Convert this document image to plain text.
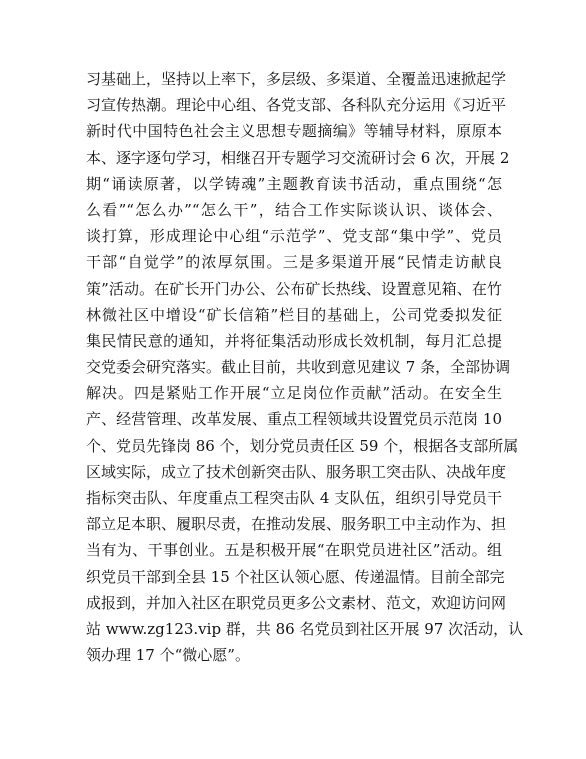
习基础上，坚持以上率下，多层级、多渠道、全覆盖迅速掀起学
习宣传热潮。理论中心组、各党支部、各科队充分运用《习近平
新时代中国特色社会主义思想专题摘编》等辅导材料，原原本
本、逐字逐句学习，相继召开专题学习交流研讨会 6 次，开展 2
期“诵读原著，以学铸魂”主题教育读书活动，重点围绕“怎
么看”“怎么办”“怎么干”，结合工作实际谈认识、谈体会、
谈打算，形成理论中心组“示范学”、党支部“集中学”、党员
干部“自觉学”的浓厚氛围。三是多渠道开展“民情走访献良
策”活动。在矿长开门办公、公布矿长热线、设置意见箱、在竹
林微社区中增设“矿长信箱”栏目的基础上，公司党委拟发征
集民情民意的通知，并将征集活动形成长效机制，每月汇总提
交党委会研究落实。截止目前，共收到意见建议 7 条，全部协调
解决。四是紧贴工作开展“立足岗位作贡献”活动。在安全生
产、经营管理、改革发展、重点工程领域共设置党员示范岗 10
个、党员先锋岗 86 个，划分党员责任区 59 个，根据各支部所属
区域实际，成立了技术创新突击队、服务职工突击队、决战年度
指标突击队、年度重点工程突击队 4 支队伍，组织引导党员干
部立足本职、履职尽责，在推动发展、服务职工中主动作为、担
当有为、干事创业。五是积极开展“在职党员进社区”活动。组
织党员干部到全县 15 个社区认领心愿、传递温情。目前全部完
成报到，并加入社区在职党员更多公文素材、范文，欢迎访问网
站 www.zg123.vip 群，共 86 名党员到社区开展 97 次活动，认
领办理 17 个“微心愿”。
